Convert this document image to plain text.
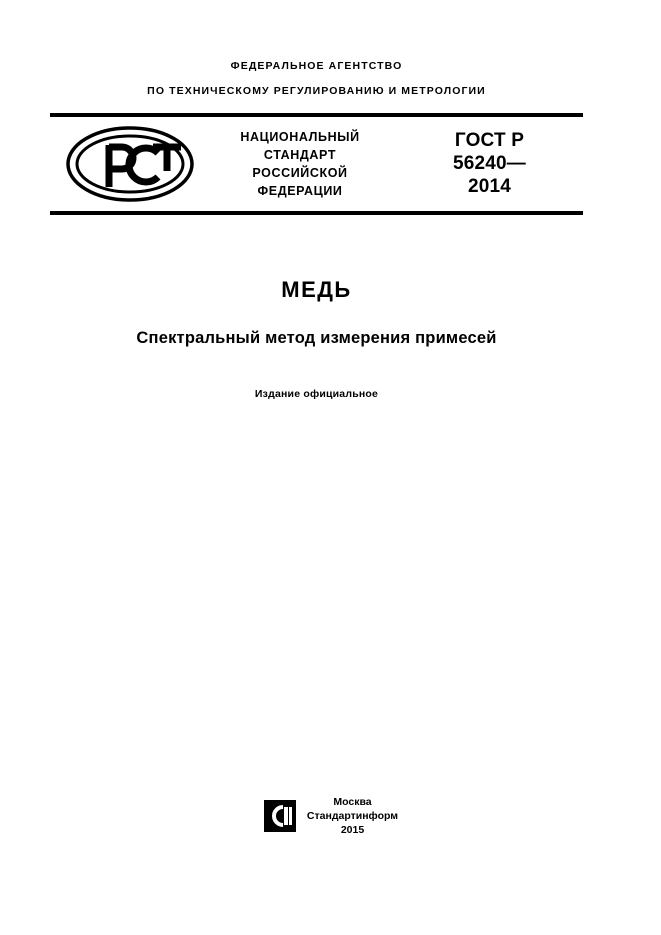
ФЕДЕРАЛЬНОЕ АГЕНТСТВО
ПО ТЕХНИЧЕСКОМУ РЕГУЛИРОВАНИЮ И МЕТРОЛОГИИ
НАЦИОНАЛЬНЫЙ
СТАНДАРТ
РОССИЙСКОЙ
ФЕДЕРАЦИИ
ГОСТ Р
56240—
2014
МЕДЬ
Спектральный метод измерения примесей
Издание официальное
Москва
Стандартинформ
2015
